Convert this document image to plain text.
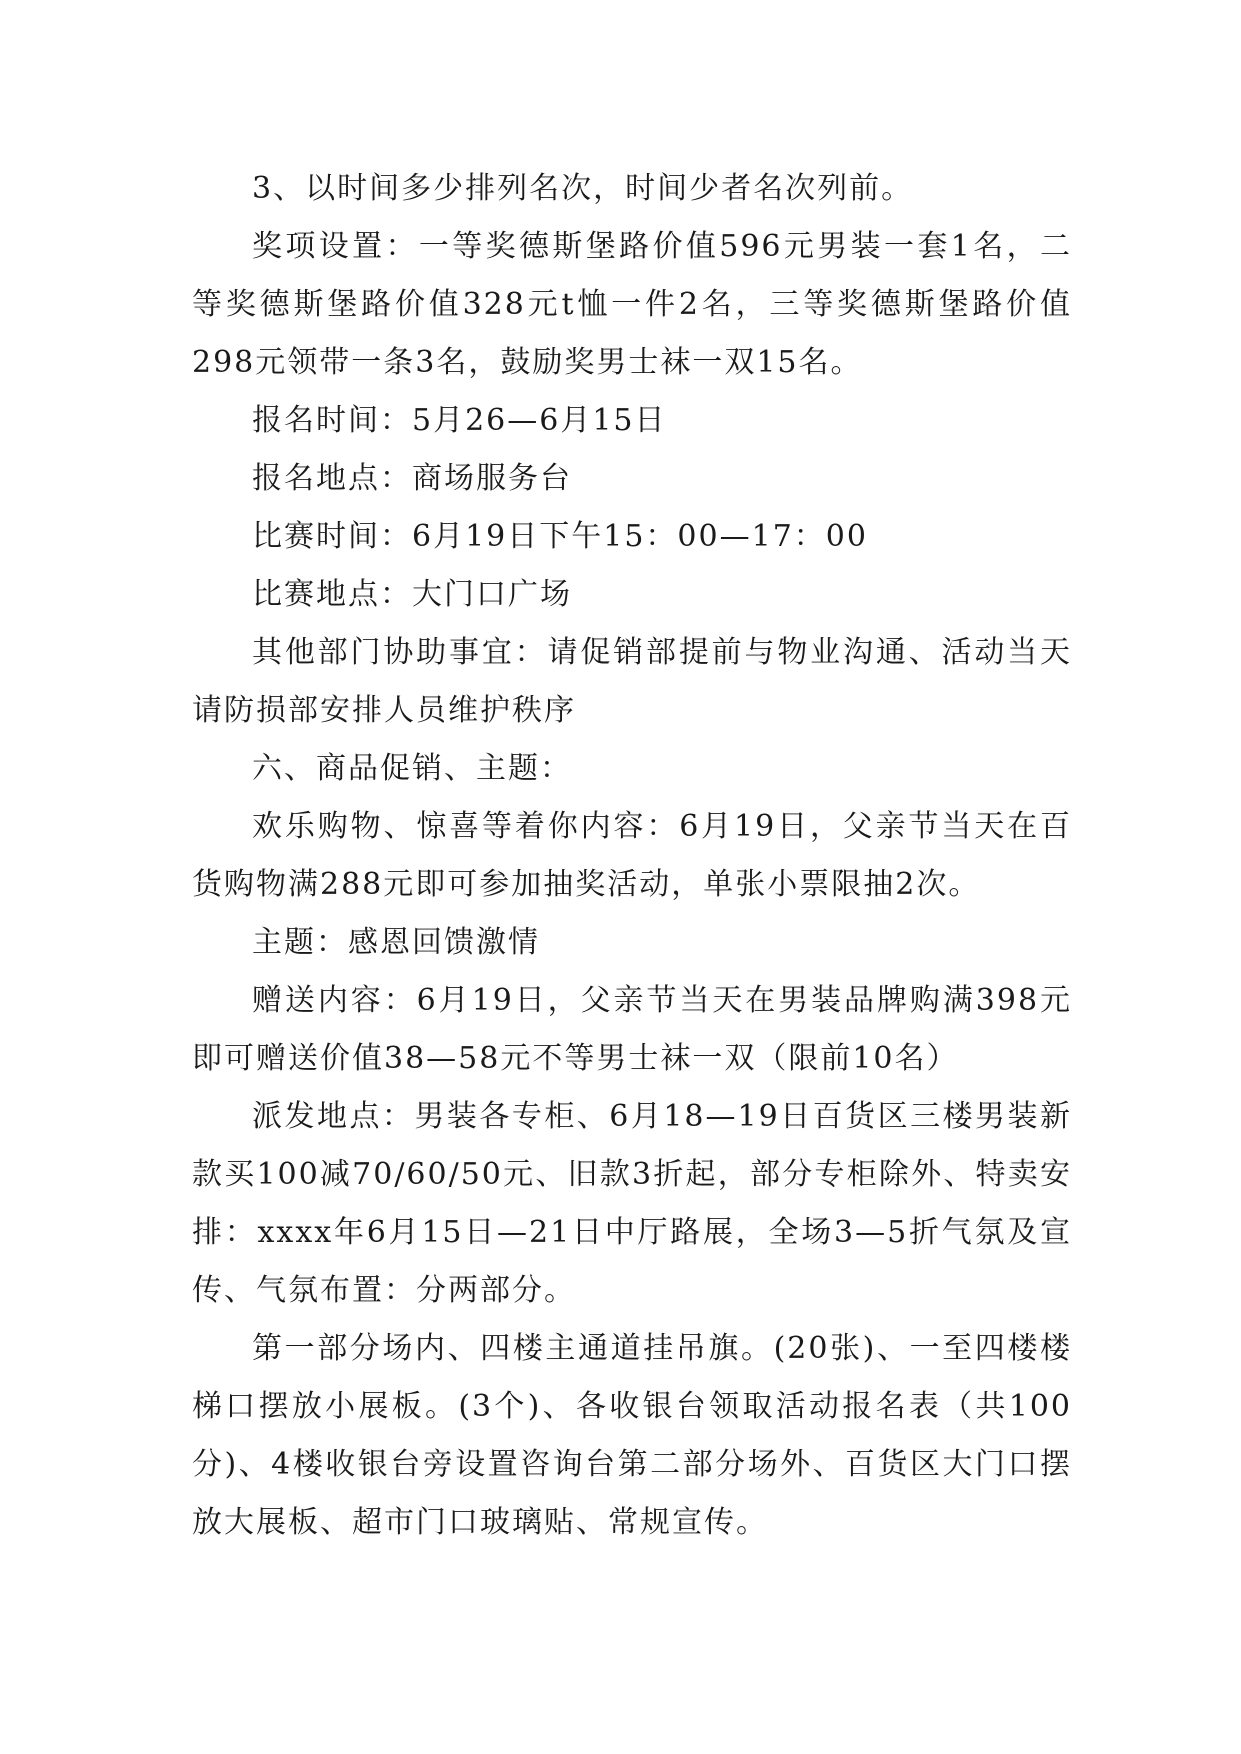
3、以时间多少排列名次，时间少者名次列前。

奖项设置：一等奖德斯堡路价值596元男装一套1名，二等奖德斯堡路价值328元t恤一件2名，三等奖德斯堡路价值298元领带一条3名，鼓励奖男士袜一双15名。

报名时间：5月26—6月15日

报名地点：商场服务台

比赛时间：6月19日下午15：00—17：00

比赛地点：大门口广场

其他部门协助事宜：请促销部提前与物业沟通、活动当天请防损部安排人员维护秩序

六、商品促销、主题：

欢乐购物、惊喜等着你内容：6月19日，父亲节当天在百货购物满288元即可参加抽奖活动，单张小票限抽2次。

主题：感恩回馈激情

赠送内容：6月19日，父亲节当天在男装品牌购满398元即可赠送价值38—58元不等男士袜一双（限前10名）

派发地点：男装各专柜、6月18—19日百货区三楼男装新款买100减70/60/50元、旧款3折起，部分专柜除外、特卖安排：xxxx年6月15日—21日中厅路展，全场3—5折气氛及宣传、气氛布置：分两部分。

第一部分场内、四楼主通道挂吊旗。(20张)、一至四楼楼梯口摆放小展板。(3个)、各收银台领取活动报名表（共100分)、4楼收银台旁设置咨询台第二部分场外、百货区大门口摆放大展板、超市门口玻璃贴、常规宣传。
